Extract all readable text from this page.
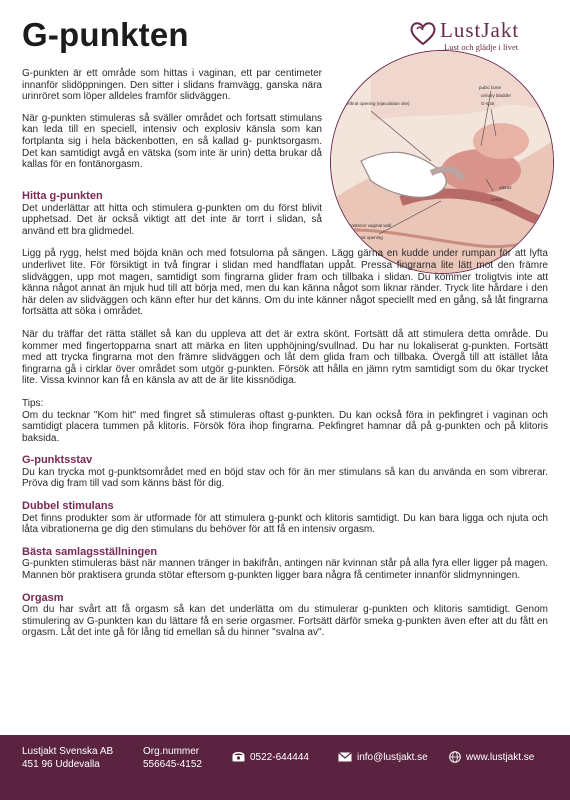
G-punkten	LustJakt
Lust och glädje i livet

G-punkten är ett område som hittas i vaginan, ett par centimeter innanför slidöppningen. Den sitter i slidans framvägg, ganska nära urinröret som löper alldeles framför slidväggen.

När g-punkten stimuleras så sväller området och fortsatt stimulans kan leda till en speciell, intensiv och explosiv känsla som kan fortplanta sig i hela bäckenbotten, en så kallad g- punktsorgasm. Det kan samtidigt avgå en vätska (som inte är urin) detta brukar då kallas för en fontänorgasm.

pubic bone
urinary bladder
G-spot
urethral opening (ejaculation site)
posterior vaginal wall
anal opening
uterus
cervix
Hitta g-punkten

Det underlättar att hitta och stimulera g-punkten om du först blivit upphetsad. Det är också viktigt att det inte är torrt i slidan, så använd ett bra glidmedel.

Ligg på rygg, helst med böjda knän och med fotsulorna på sängen. Lägg gärna en kudde under rumpan för att lyfta underlivet lite. För försiktigt in två fingrar i slidan med handflatan uppåt. Pressa fingrarna lite lätt mot den främre slidväggen, upp mot magen, samtidigt som fingrarna glider fram och tillbaka i slidan. Du kommer troligtvis inte att känna något annat än mjuk hud till att börja med, men du kan känna något som liknar ränder. Tryck lite hårdare i den här delen av slidväggen och känn efter hur det känns. Om du inte känner något speciellt med en gång, så låt fingrarna fortsätta att söka i området.

När du träffar det rätta stället så kan du uppleva att det är extra skönt. Fortsätt då att stimulera detta område. Du kommer med fingertopparna snart att märka en liten upphöjning/svullnad. Du har nu lokaliserat g-punkten. Fortsätt med att trycka fingrarna mot den främre slidväggen och låt dem glida fram och tillbaka. Övergå till att istället låta fingrarna gå i cirklar över området som utgör g-punkten. Försök att hålla en jämn rytm samtidigt som du ökar trycket lite. Vissa kvinnor kan få en känsla av att de är lite kissnödiga.

Tips:
Om du tecknar "Kom hit" med fingret så stimuleras oftast g-punkten. Du kan också föra in pekfingret i vaginan och samtidigt placera tummen på klitoris. Försök föra ihop fingrarna. Pekfingret hamnar då på g-punkten och på klitoris baksida.

G-punktsstav

Du kan trycka mot g-punktsområdet med en böjd stav och för än mer stimulans så kan du använda en som vibrerar. Pröva dig fram till vad som känns bäst för dig.

Dubbel stimulans

Det finns produkter som är utformade för att stimulera g-punkt och klitoris samtidigt. Du kan bara ligga och njuta och låta vibrationerna ge dig den stimulans du behöver för att få en intensiv orgasm.

Bästa samlagsställningen

G-punkten stimuleras bäst när mannen tränger in bakifrån, antingen när kvinnan står på alla fyra eller ligger på magen. Mannen bör praktisera grunda stötar eftersom g-punkten ligger bara några få centimeter innanför slidmynningen.

Orgasm

Om du har svårt att få orgasm så kan det underlätta om du stimulerar g-punkten och klitoris samtidigt. Genom stimulering av G-punkten kan du lättare få en serie orgasmer. Fortsätt därför smeka g-punkten även efter att du fått en orgasm. Låt det inte gå för lång tid emellan så du hinner "svalna av".

Lustjakt Svenska AB
451 96 Uddevalla
Org.nummer
556645-4152
0522-644444	info@lustjakt.se	www.lustjakt.se
